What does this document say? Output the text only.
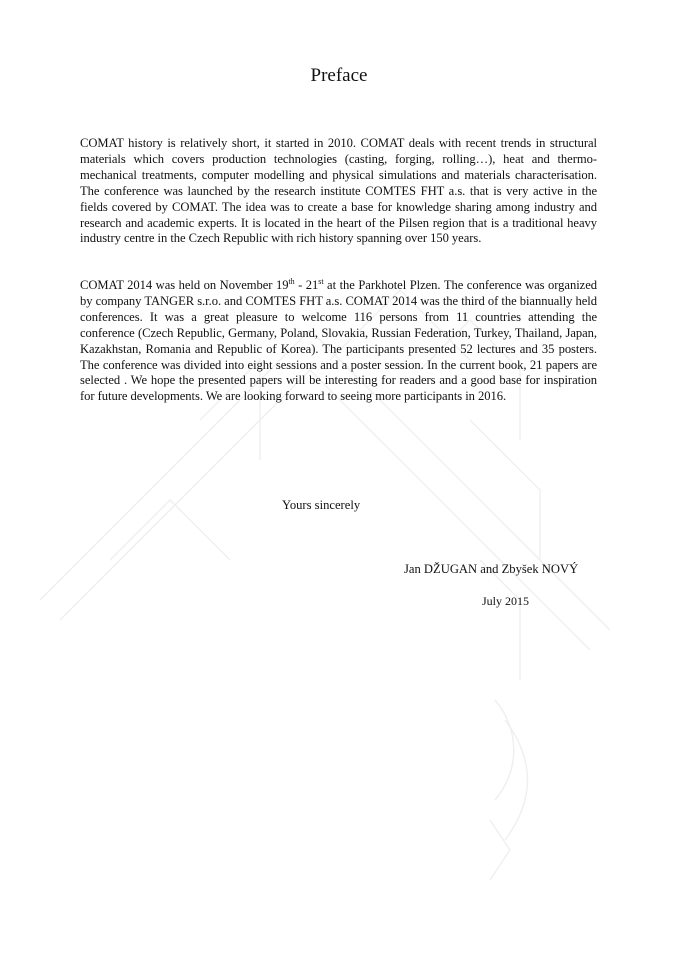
Preface

COMAT history is relatively short, it started in 2010. COMAT deals with recent trends in structural materials which covers production technologies (casting, forging, rolling…), heat and thermo-mechanical treatments, computer modelling and physical simulations and materials characterisation. The conference was launched by the research institute COMTES FHT a.s. that is very active in the fields covered by COMAT. The idea was to create a base for knowledge sharing among industry and research and academic experts. It is located in the heart of the Pilsen region that is a traditional heavy industry centre in the Czech Republic with rich history spanning over 150 years.

COMAT 2014 was held on November 19th - 21st at the Parkhotel Plzen. The conference was organized by company TANGER s.r.o. and COMTES FHT a.s. COMAT 2014 was the third of the biannually held conferences. It was a great pleasure to welcome 116 persons from 11 countries attending the conference (Czech Republic, Germany, Poland, Slovakia, Russian Federation, Turkey, Thailand, Japan, Kazakhstan, Romania and Republic of Korea). The participants presented 52 lectures and 35 posters. The conference was divided into eight sessions and a poster session. In the current book, 21 papers are selected . We hope the presented papers will be interesting for readers and a good base for inspiration for future developments. We are looking forward to seeing more participants in 2016.

Yours sincerely

Jan DŽUGAN and Zbyšek NOVÝ

July 2015
